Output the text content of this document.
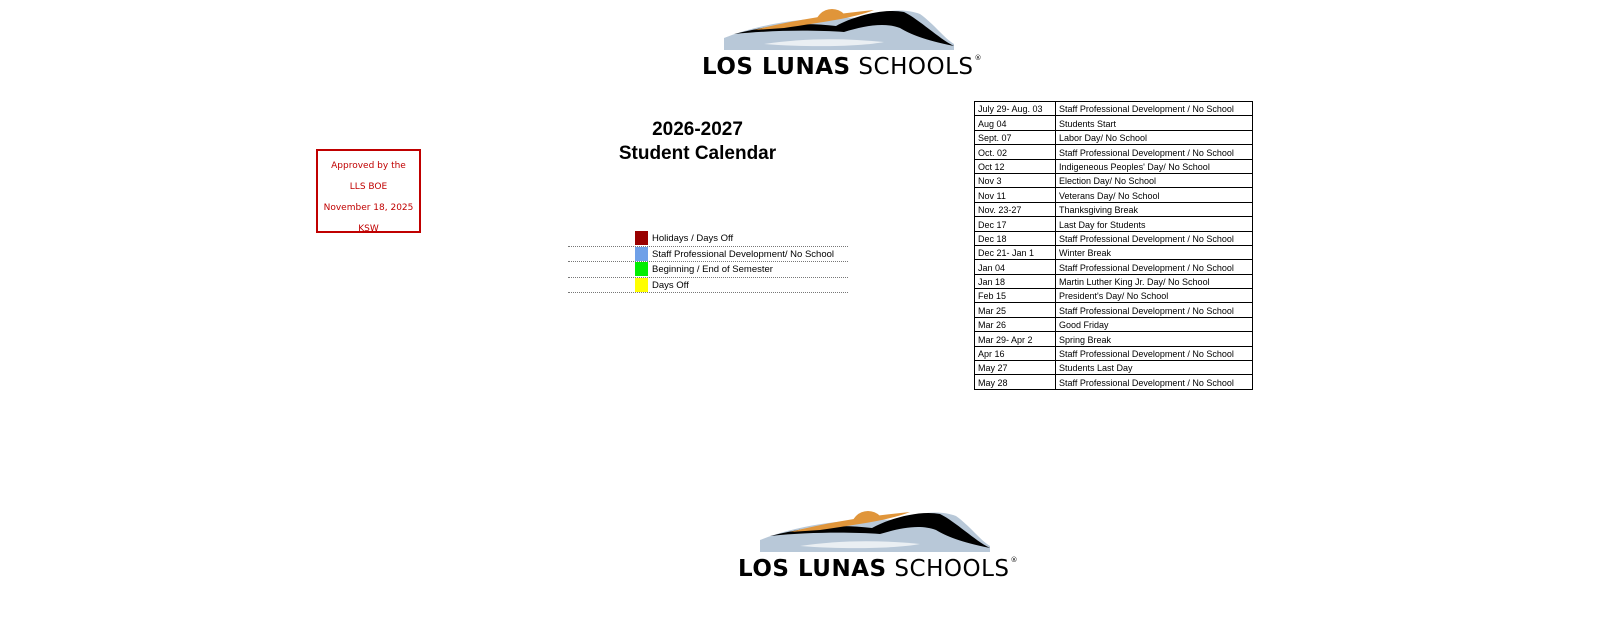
LOS LUNAS SCHOOLS®
Approved by the
LLS BOE
November 18, 2025
KSW
2026-2027
Student Calendar
Holidays / Days Off
Staff Professional Development/ No School
Beginning / End of Semester
Days Off
July 29- Aug. 03	Staff Professional Development / No School
Aug 04	Students Start
Sept. 07	Labor Day/ No School
Oct. 02	Staff Professional Development / No School
Oct 12	Indigeneous Peoples' Day/ No School
Nov 3	Election Day/ No School
Nov 11	Veterans Day/ No School
Nov. 23-27	Thanksgiving Break
Dec 17	Last Day for Students
Dec 18	Staff Professional Development / No School
Dec 21- Jan 1	Winter Break
Jan 04	Staff Professional Development / No School
Jan 18	Martin Luther King Jr. Day/ No School
Feb 15	President's Day/ No School
Mar 25	Staff Professional Development / No School
Mar 26	Good Friday
Mar 29- Apr 2	Spring Break
Apr 16	Staff Professional Development / No School
May 27	Students Last Day
May 28	Staff Professional Development / No School
LOS LUNAS SCHOOLS®
